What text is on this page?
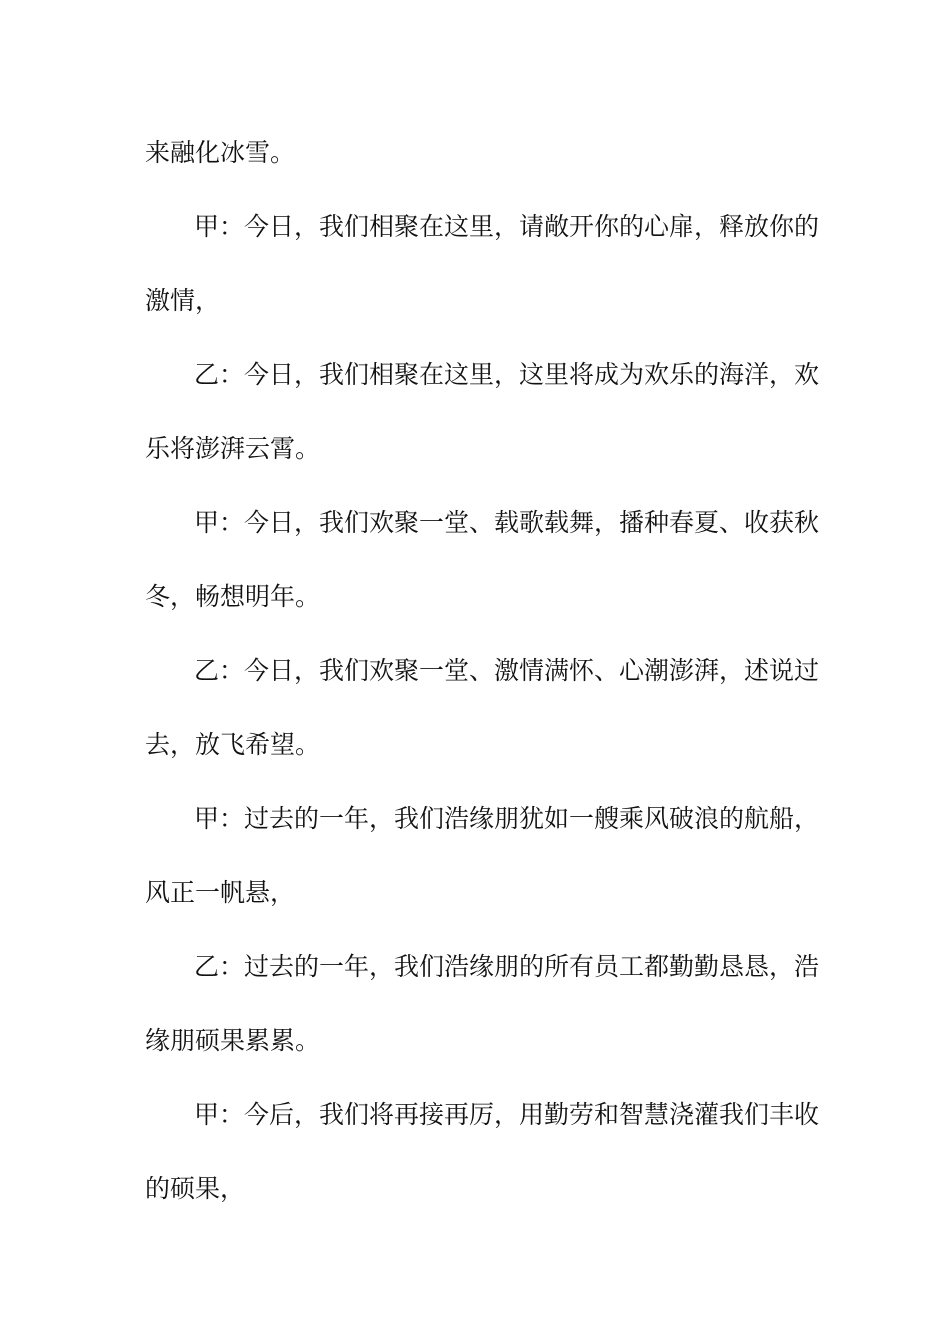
来融化冰雪。
甲：今日，我们相聚在这里，请敞开你的心扉，释放你的
激情，
乙：今日，我们相聚在这里，这里将成为欢乐的海洋，欢
乐将澎湃云霄。
甲：今日，我们欢聚一堂、载歌载舞，播种春夏、收获秋
冬，畅想明年。
乙：今日，我们欢聚一堂、激情满怀、心潮澎湃，述说过
去，放飞希望。
甲：过去的一年，我们浩缘朋犹如一艘乘风破浪的航船，
风正一帆悬，
乙：过去的一年，我们浩缘朋的所有员工都勤勤恳恳，浩
缘朋硕果累累。
甲：今后，我们将再接再厉，用勤劳和智慧浇灌我们丰收
的硕果，
